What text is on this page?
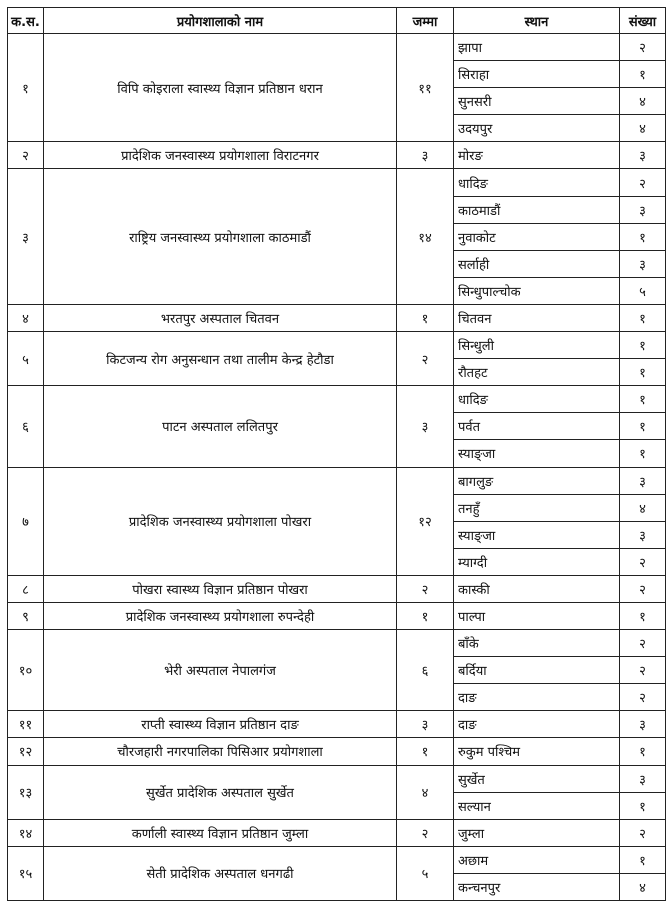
क.स.	प्रयोगशालाको नाम	जम्मा	स्थान	संख्या
१	विपि कोइराला स्वास्थ्य विज्ञान प्रतिष्ठान धरान	११	झापा	२
			सिराहा	१
			सुनसरी	४
			उदयपुर	४
२	प्रादेशिक जनस्वास्थ्य प्रयोगशाला विराटनगर	३	मोरङ	३
३	राष्ट्रिय जनस्वास्थ्य प्रयोगशाला काठमाडौं	१४	धादिङ	२
			काठमाडौं	३
			नुवाकोट	१
			सर्लाही	३
			सिन्धुपाल्चोक	५
४	भरतपुर अस्पताल चितवन	१	चितवन	१
५	किटजन्य रोग अनुसन्धान तथा तालीम केन्द्र हेटौडा	२	सिन्धुली	१
			रौतहट	१
६	पाटन अस्पताल ललितपुर	३	धादिङ	१
			पर्वत	१
			स्याङ्जा	१
७	प्रादेशिक जनस्वास्थ्य प्रयोगशाला पोखरा	१२	बागलुङ	३
			तनहुँ	४
			स्याङ्जा	३
			म्याग्दी	२
८	पोखरा स्वास्थ्य विज्ञान प्रतिष्ठान पोखरा	२	कास्की	२
९	प्रादेशिक जनस्वास्थ्य प्रयोगशाला रुपन्देही	१	पाल्पा	१
१०	भेरी अस्पताल नेपालगंज	६	बाँके	२
			बर्दिया	२
			दाङ	२
११	राप्ती स्वास्थ्य विज्ञान प्रतिष्ठान दाङ	३	दाङ	३
१२	चौरजहारी नगरपालिका पिसिआर प्रयोगशाला	१	रुकुम पश्चिम	१
१३	सुर्खेत प्रादेशिक अस्पताल सुर्खेत	४	सुर्खेत	३
			सल्यान	१
१४	कर्णाली स्वास्थ्य विज्ञान प्रतिष्ठान जुम्ला	२	जुम्ला	२
१५	सेती प्रादेशिक अस्पताल धनगढी	५	अछाम	१
			कन्चनपुर	४
